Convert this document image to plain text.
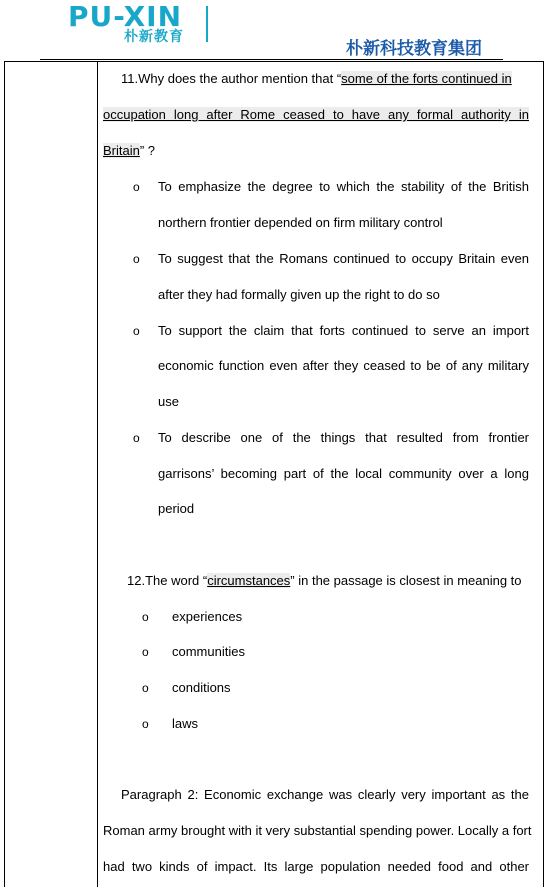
PU-XIN
朴新教育
朴新科技教育集团
11.Why does the author mention that “some of the forts continued in
occupation long after Rome ceased to have any formal authority in
Britain” ?
o To emphasize the degree to which the stability of the British
northern frontier depended on firm military control
o To suggest that the Romans continued to occupy Britain even
after they had formally given up the right to do so
o To support the claim that forts continued to serve an import
economic function even after they ceased to be of any military
use
o To describe one of the things that resulted from frontier
garrisons’ becoming part of the local community over a long
period
12.The word “circumstances” in the passage is closest in meaning to
o experiences
o communities
o conditions
o laws
Paragraph 2: Economic exchange was clearly very important as the
Roman army brought with it very substantial spending power. Locally a fort
had two kinds of impact. Its large population needed food and other
